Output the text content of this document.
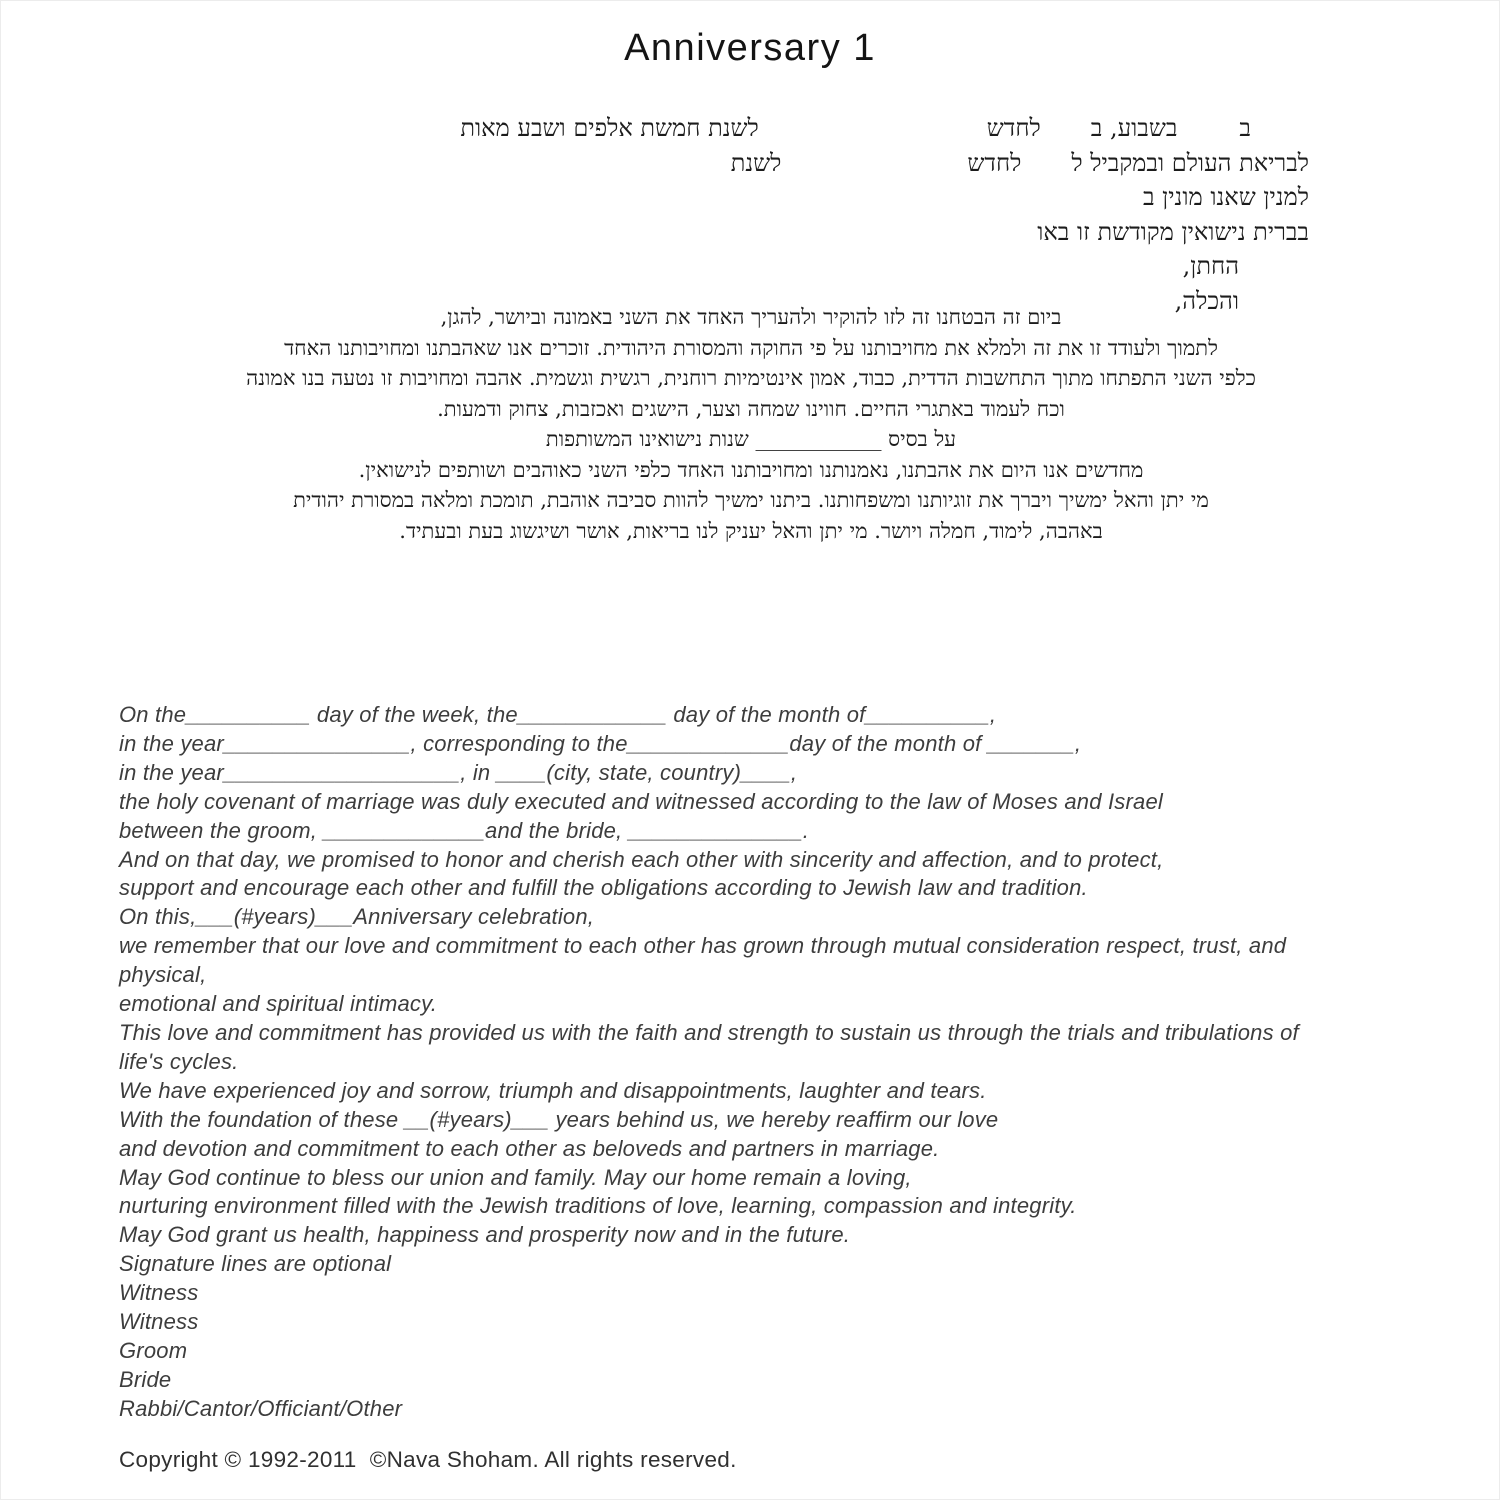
Anniversary 1
בבשבוע, בלחדשלשנת חמשת אלפים ושבע מאות
לבריאת העולם ובמקביל ללחדשלשנת
למנין שאנו מונין ב
בברית נישואין מקודשת זו באו
החתן,
והכלה,
ביום זה הבטחנו זה לזו להוקיר ולהעריך האחד את השני באמונה וביושר, להגן,
לתמוך ולעודד זו את זה ולמלא את מחויבותנו על פי החוקה והמסורת היהודית. זוכרים אנו שאהבתנו ומחויבותנו האחד
כלפי השני התפתחו מתוך התחשבות הדדית, כבוד, אמון אינטימיות רוחנית, רגשית וגשמית. אהבה ומחויבות זו נטעה בנו אמונה
וכח לעמוד באתגרי החיים. חווינו שמחה וצער, הישגים ואכזבות, צחוק ודמעות.
על בסיס ____________ שנות נישואינו המשותפות
מחדשים אנו היום את אהבתנו, נאמנותנו ומחויבותנו האחד כלפי השני כאוהבים ושותפים לנישואין.
מי יתן והאל ימשיך ויברך את זוגיותנו ומשפחותנו. ביתנו ימשיך להוות סביבה אוהבת, תומכת ומלאה במסורת יהודית
באהבה, לימוד, חמלה ויושר. מי יתן והאל יעניק לנו בריאות, אושר ושיגשוג בעת ובעתיד.
On the__________ day of the week, the____________ day of the month of__________,
in the year_______________, corresponding to the_____________day of the month of _______,
in the year___________________, in ____(city, state, country)____,
the holy covenant of marriage was duly executed and witnessed according to the law of Moses and Israel
between the groom, _____________and the bride, ______________.
And on that day, we promised to honor and cherish each other with sincerity and affection, and to protect,
support and encourage each other and fulfill the obligations according to Jewish law and tradition.
On this,___(#years)___Anniversary celebration,
we remember that our love and commitment to each other has grown through mutual consideration respect, trust, and
physical,
emotional and spiritual intimacy.
This love and commitment has provided us with the faith and strength to sustain us through the trials and tribulations of
life's cycles.
We have experienced joy and sorrow, triumph and disappointments, laughter and tears.
With the foundation of these __(#years)___ years behind us, we hereby reaffirm our love
and devotion and commitment to each other as beloveds and partners in marriage.
May God continue to bless our union and family. May our home remain a loving,
nurturing environment filled with the Jewish traditions of love, learning, compassion and integrity.
May God grant us health, happiness and prosperity now and in the future.
Signature lines are optional
Witness
Witness
Groom
Bride
Rabbi/Cantor/Officiant/Other
Copyright © 1992-2011  ©Nava Shoham. All rights reserved.
